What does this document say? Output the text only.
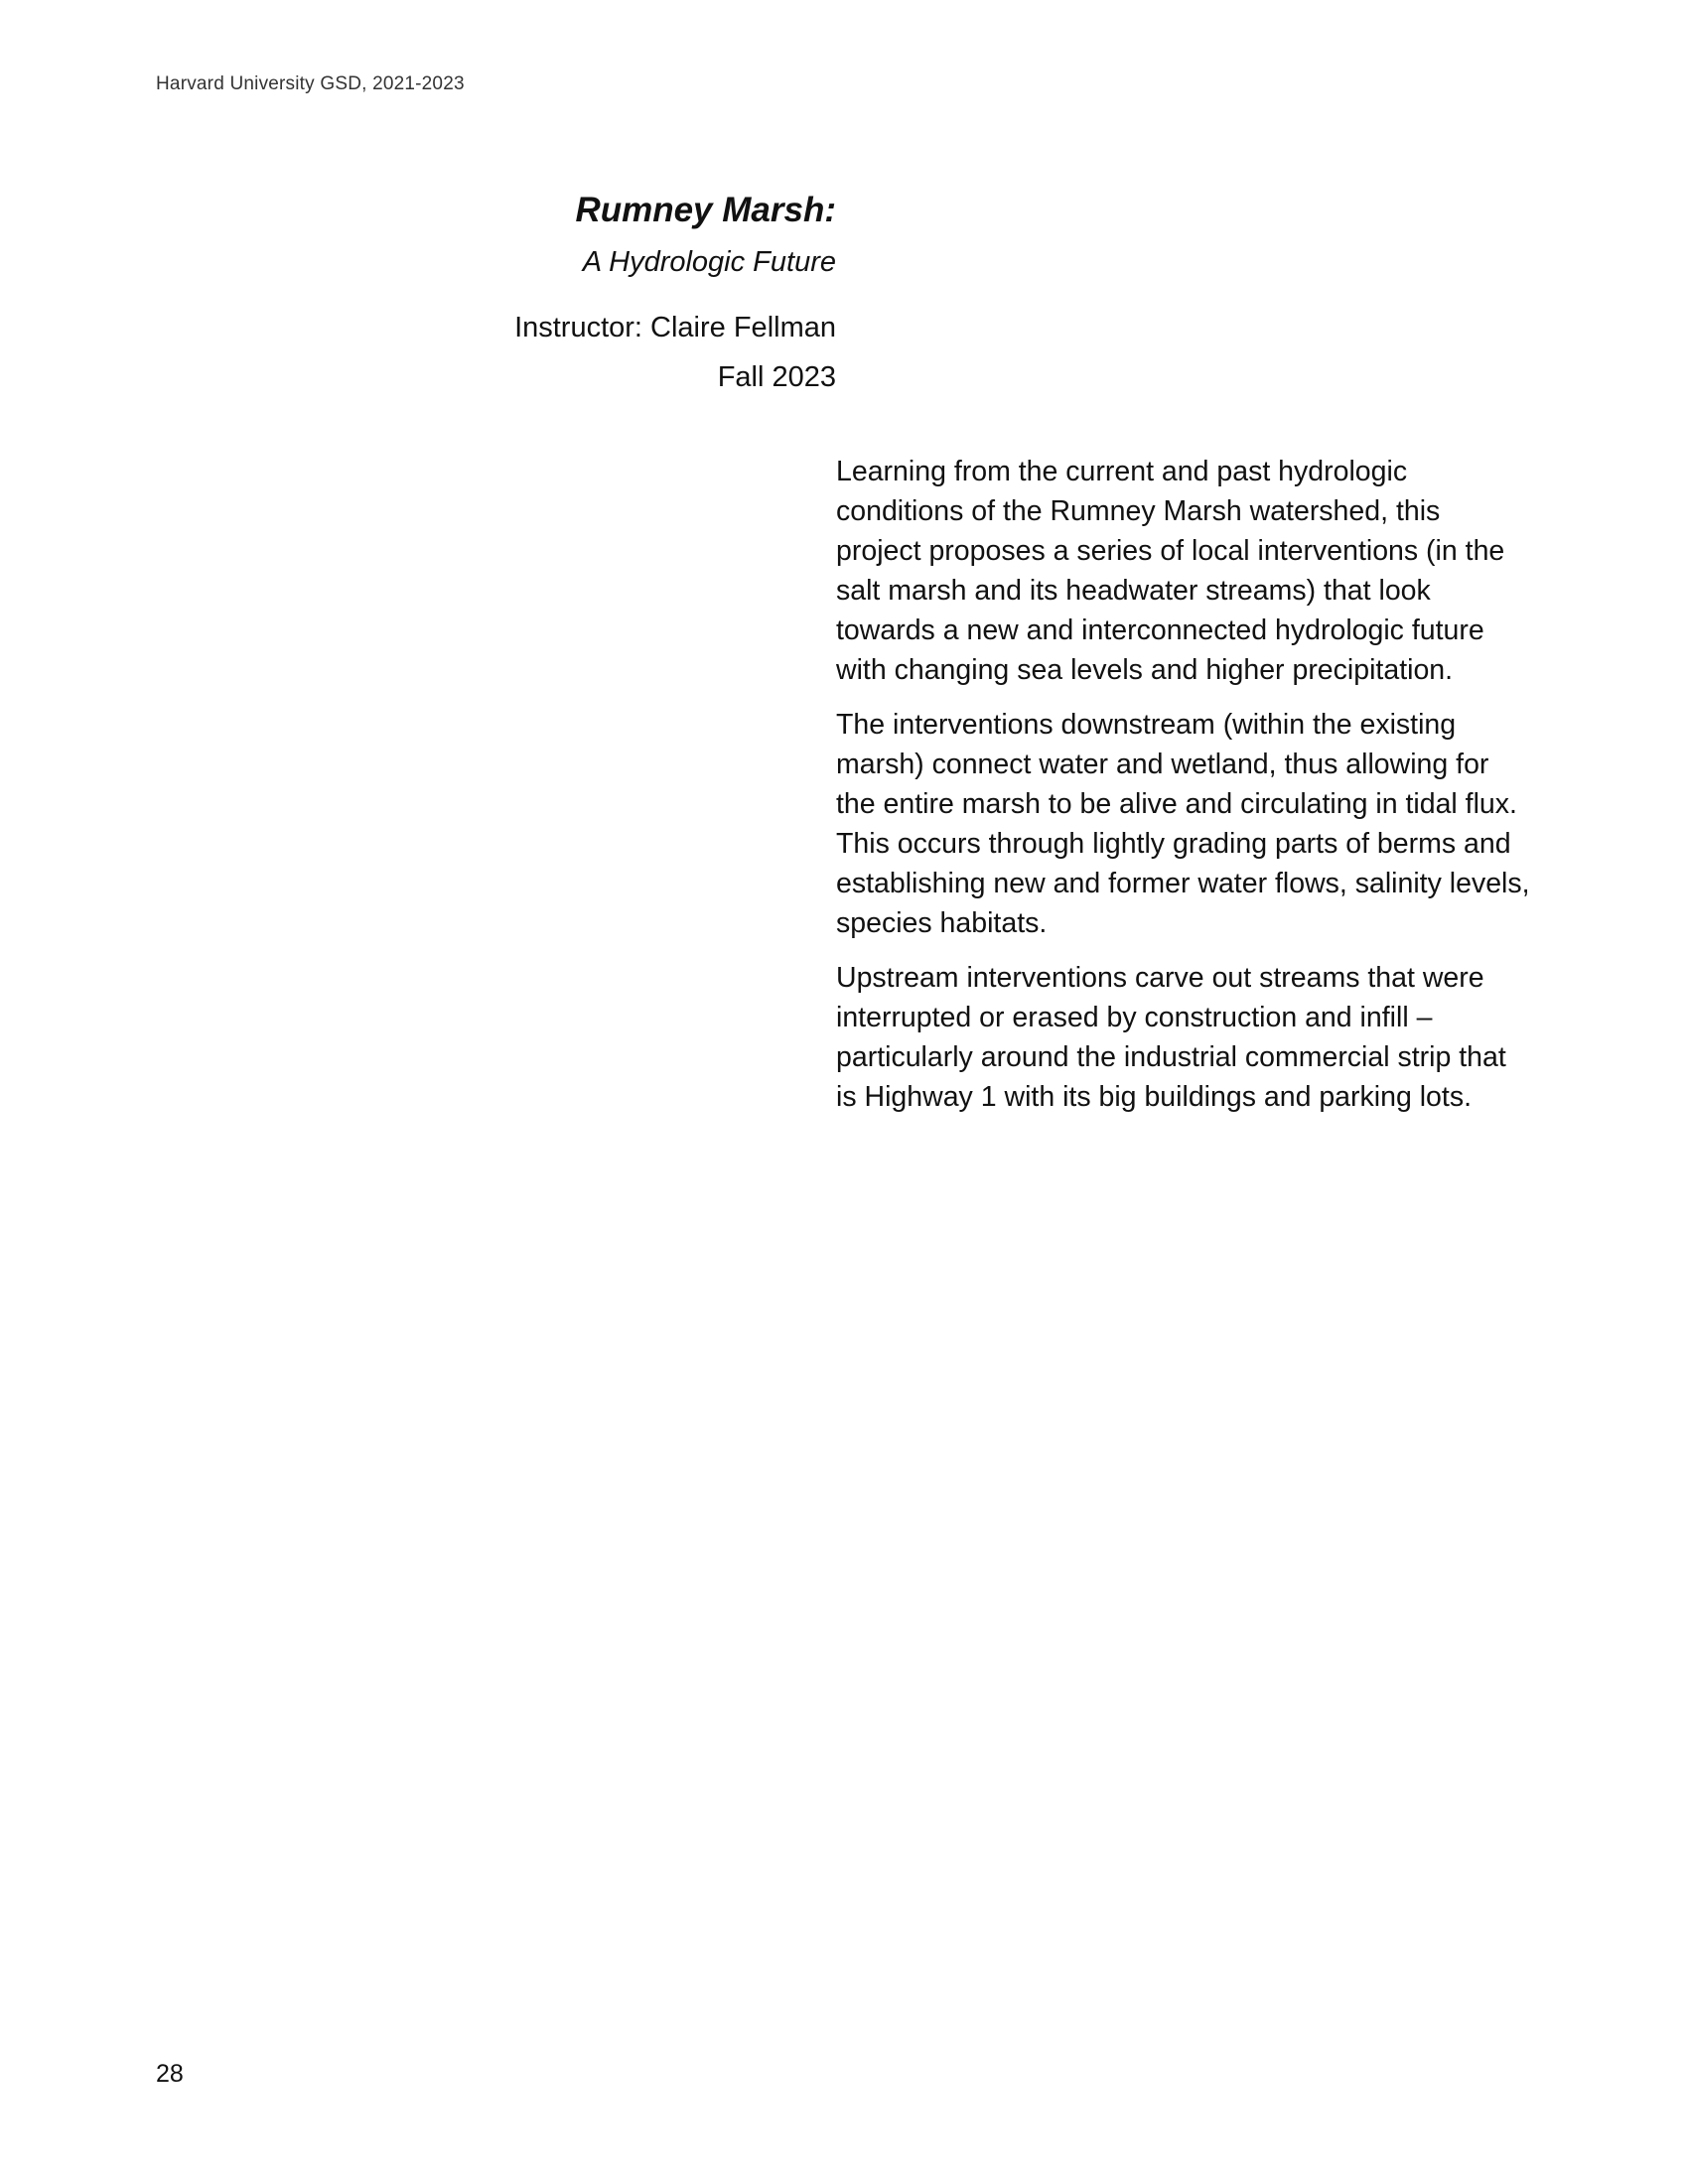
Harvard University GSD, 2021-2023
Rumney Marsh:
A Hydrologic Future
Instructor: Claire Fellman
Fall 2023

Learning from the current and past hydrologic conditions of the Rumney Marsh watershed, this project proposes a series of local interventions (in the salt marsh and its headwater streams) that look towards a new and interconnected hydrologic future with changing sea levels and higher precipitation.

The interventions downstream (within the existing marsh) connect water and wetland, thus allowing for the entire marsh to be alive and circulating in tidal flux. This occurs through lightly grading parts of berms and establishing new and former water flows, salinity levels, species habitats.

Upstream interventions carve out streams that were interrupted or erased by construction and infill – particularly around the industrial commercial strip that is Highway 1 with its big buildings and parking lots.

28
